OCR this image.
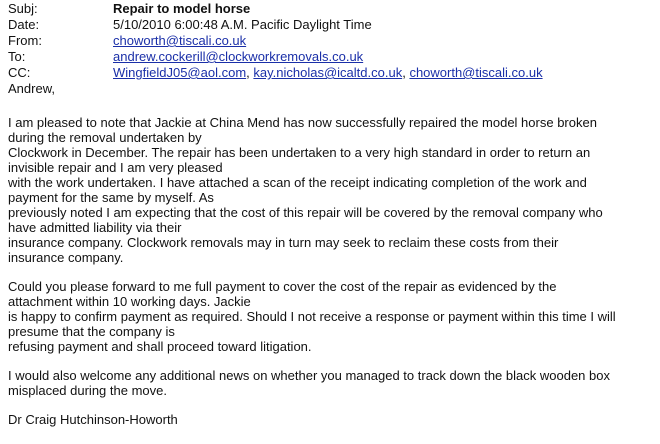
Subj:	Repair to model horse
Date:	5/10/2010 6:00:48 A.M. Pacific Daylight Time
From:	choworth@tiscali.co.uk
To:	andrew.cockerill@clockworkremovals.co.uk
CC:	WingfieldJ05@aol.com, kay.nicholas@icaltd.co.uk, choworth@tiscali.co.uk
Andrew,
I am pleased to note that Jackie at China Mend has now successfully repaired the model horse broken
during the removal undertaken by
Clockwork in December. The repair has been undertaken to a very high standard in order to return an
invisible repair and I am very pleased
with the work undertaken. I have attached a scan of the receipt indicating completion of the work and
payment for the same by myself. As
previously noted I am expecting that the cost of this repair will be covered by the removal company who
have admitted liability via their
insurance company. Clockwork removals may in turn may seek to reclaim these costs from their
insurance company.
Could you please forward to me full payment to cover the cost of the repair as evidenced by the
attachment within 10 working days. Jackie
is happy to confirm payment as required. Should I not receive a response or payment within this time I will
presume that the company is
refusing payment and shall proceed toward litigation.
I would also welcome any additional news on whether you managed to track down the black wooden box
misplaced during the move.
Dr Craig Hutchinson-Howorth
